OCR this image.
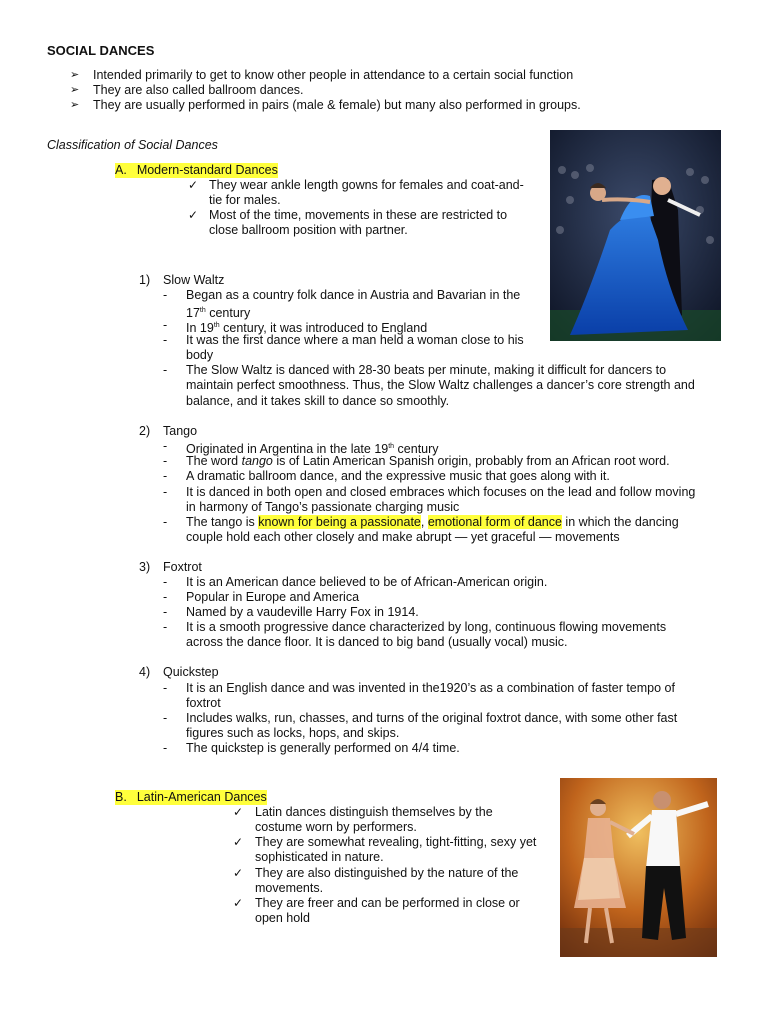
SOCIAL DANCES
➢ Intended primarily to get to know other people in attendance to a certain social function
➢ They are also called ballroom dances.
➢ They are usually performed in pairs (male & female) but many also performed in groups.
Classification of Social Dances
A. Modern-standard Dances
✓ They wear ankle length gowns for females and coat-and-
tie for males.
✓ Most of the time, movements in these are restricted to
close ballroom position with partner.
1) Slow Waltz
- Began as a country folk dance in Austria and Bavarian in the
17th century
- In 19th century, it was introduced to England
- It was the first dance where a man held a woman close to his
body
- The Slow Waltz is danced with 28-30 beats per minute, making it difficult for dancers to
maintain perfect smoothness. Thus, the Slow Waltz challenges a dancer’s core strength and
balance, and it takes skill to dance so smoothly.
2) Tango
- Originated in Argentina in the late 19th century
- The word tango is of Latin American Spanish origin, probably from an African root word.
- A dramatic ballroom dance, and the expressive music that goes along with it.
- It is danced in both open and closed embraces which focuses on the lead and follow moving
in harmony of Tango’s passionate charging music
- The tango is known for being a passionate, emotional form of dance in which the dancing
couple hold each other closely and make abrupt — yet graceful — movements
3) Foxtrot
- It is an American dance believed to be of African-American origin.
- Popular in Europe and America
- Named by a vaudeville Harry Fox in 1914.
- It is a smooth progressive dance characterized by long, continuous flowing movements
across the dance floor. It is danced to big band (usually vocal) music.
4) Quickstep
- It is an English dance and was invented in the1920’s as a combination of faster tempo of
foxtrot
- Includes walks, run, chasses, and turns of the original foxtrot dance, with some other fast
figures such as locks, hops, and skips.
- The quickstep is generally performed on 4/4 time.
B. Latin-American Dances
✓ Latin dances distinguish themselves by the
costume worn by performers.
✓ They are somewhat revealing, tight-fitting, sexy yet
sophisticated in nature.
✓ They are also distinguished by the nature of the
movements.
✓ They are freer and can be performed in close or
open hold
